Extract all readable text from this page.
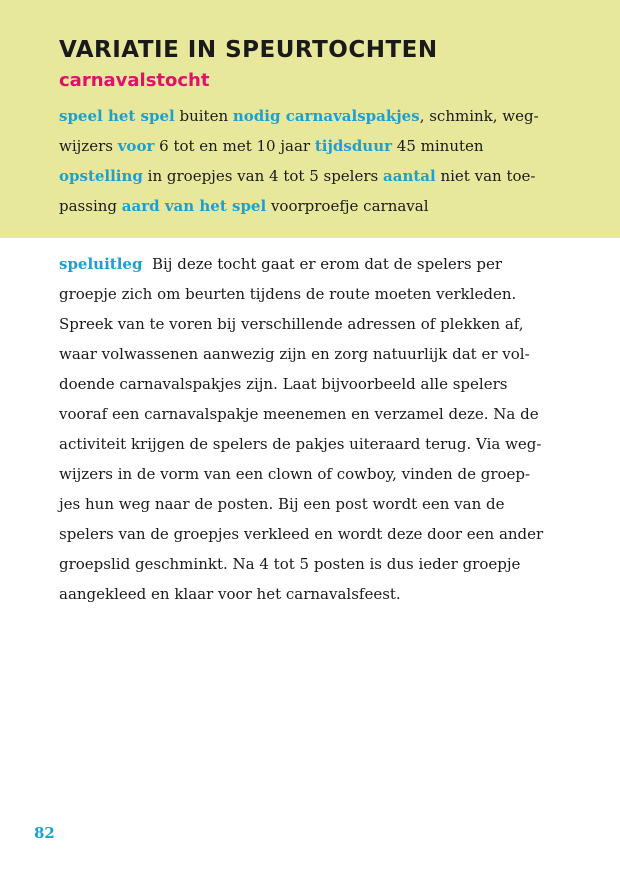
VARIATIE IN SPEURTOCHTEN
carnavalstocht
speel het spel buiten nodig carnavalspakjes, schmink, weg-
wijzers voor 6 tot en met 10 jaar tijdsduur 45 minuten
opstelling in groepjes van 4 tot 5 spelers aantal niet van toe-
passing aard van het spel voorproefje carnaval
speluitleg  Bij deze tocht gaat er erom dat de spelers per
groepje zich om beurten tijdens de route moeten verkleden.
Spreek van te voren bij verschillende adressen of plekken af,
waar volwassenen aanwezig zijn en zorg natuurlijk dat er vol-
doende carnavalspakjes zijn. Laat bijvoorbeeld alle spelers
vooraf een carnavalspakje meenemen en verzamel deze. Na de
activiteit krijgen de spelers de pakjes uiteraard terug. Via weg-
wijzers in de vorm van een clown of cowboy, vinden de groep-
jes hun weg naar de posten. Bij een post wordt een van de
spelers van de groepjes verkleed en wordt deze door een ander
groepslid geschminkt. Na 4 tot 5 posten is dus ieder groepje
aangekleed en klaar voor het carnavalsfeest.
82
